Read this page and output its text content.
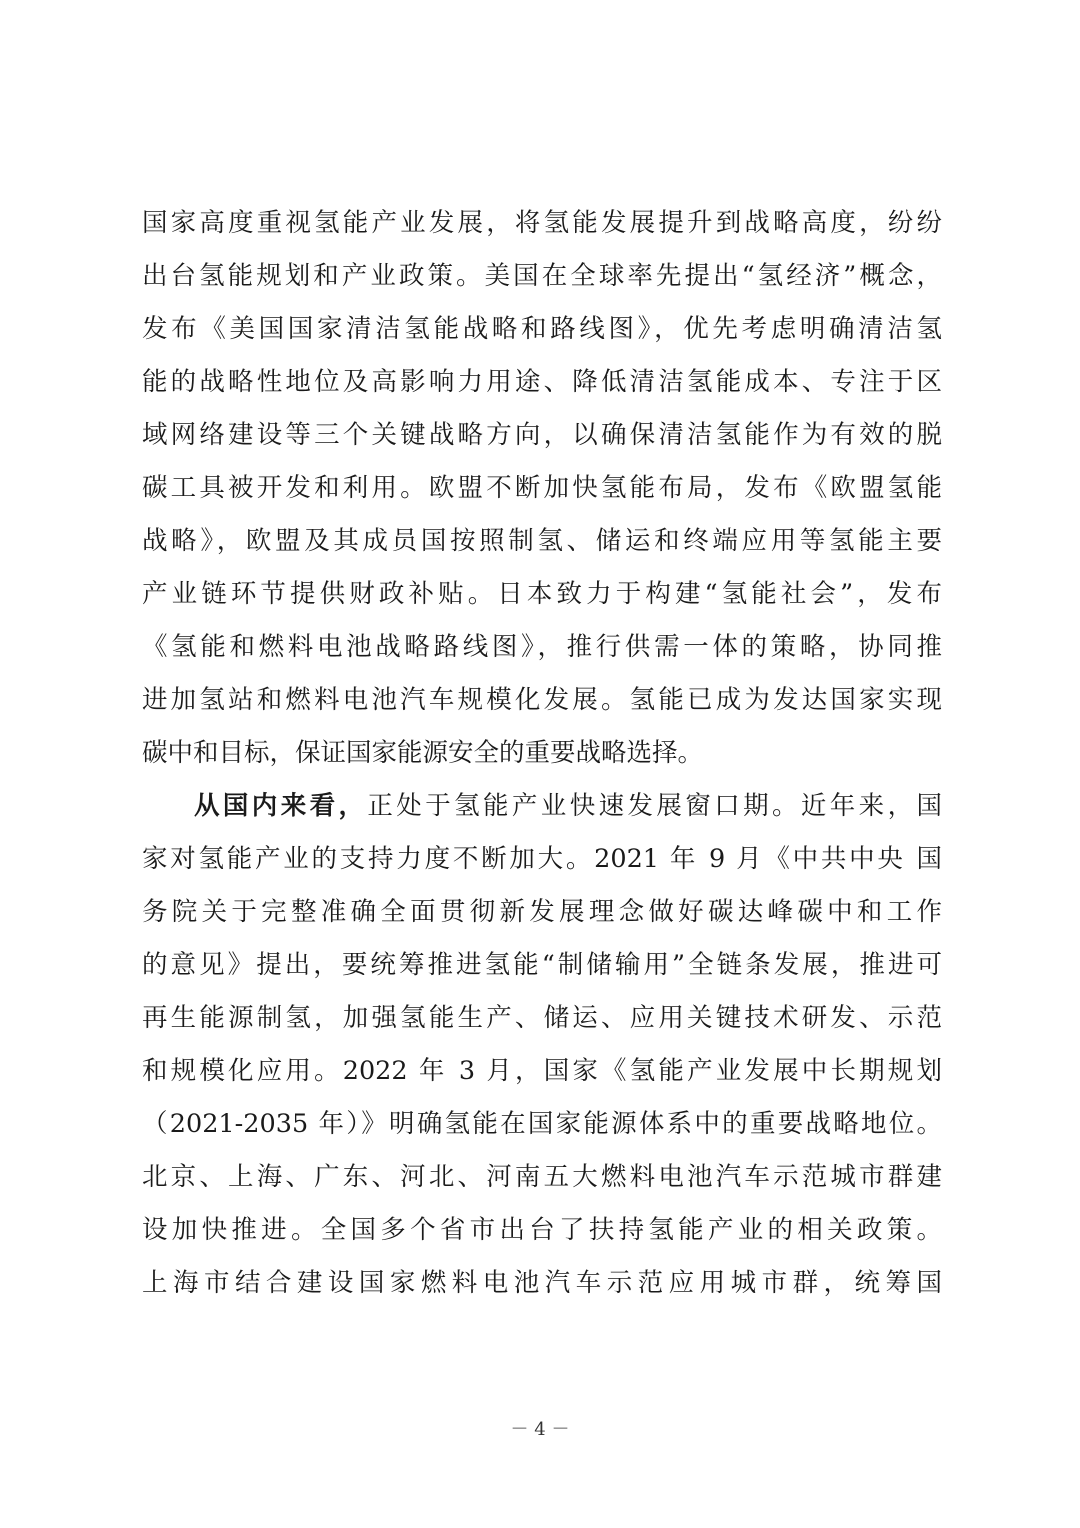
国家高度重视氢能产业发展，将氢能发展提升到战略高度，纷纷
出台氢能规划和产业政策。美国在全球率先提出“氢经济”概念，
发布《美国国家清洁氢能战略和路线图》，优先考虑明确清洁氢
能的战略性地位及高影响力用途、降低清洁氢能成本、专注于区
域网络建设等三个关键战略方向，以确保清洁氢能作为有效的脱
碳工具被开发和利用。欧盟不断加快氢能布局，发布《欧盟氢能
战略》，欧盟及其成员国按照制氢、储运和终端应用等氢能主要
产业链环节提供财政补贴。日本致力于构建“氢能社会”，发布
《氢能和燃料电池战略路线图》，推行供需一体的策略，协同推
进加氢站和燃料电池汽车规模化发展。氢能已成为发达国家实现
碳中和目标，保证国家能源安全的重要战略选择。
从国内来看，正处于氢能产业快速发展窗口期。近年来，国
家对氢能产业的支持力度不断加大。2021 年 9 月《中共中央 国
务院关于完整准确全面贯彻新发展理念做好碳达峰碳中和工作
的意见》提出，要统筹推进氢能“制储输用”全链条发展，推进可
再生能源制氢，加强氢能生产、储运、应用关键技术研发、示范
和规模化应用。2022 年 3 月，国家《氢能产业发展中长期规划
（2021-2035 年）》明确氢能在国家能源体系中的重要战略地位。
北京、上海、广东、河北、河南五大燃料电池汽车示范城市群建
设加快推进。全国多个省市出台了扶持氢能产业的相关政策。
上海市结合建设国家燃料电池汽车示范应用城市群，统筹国
－ 4 －
